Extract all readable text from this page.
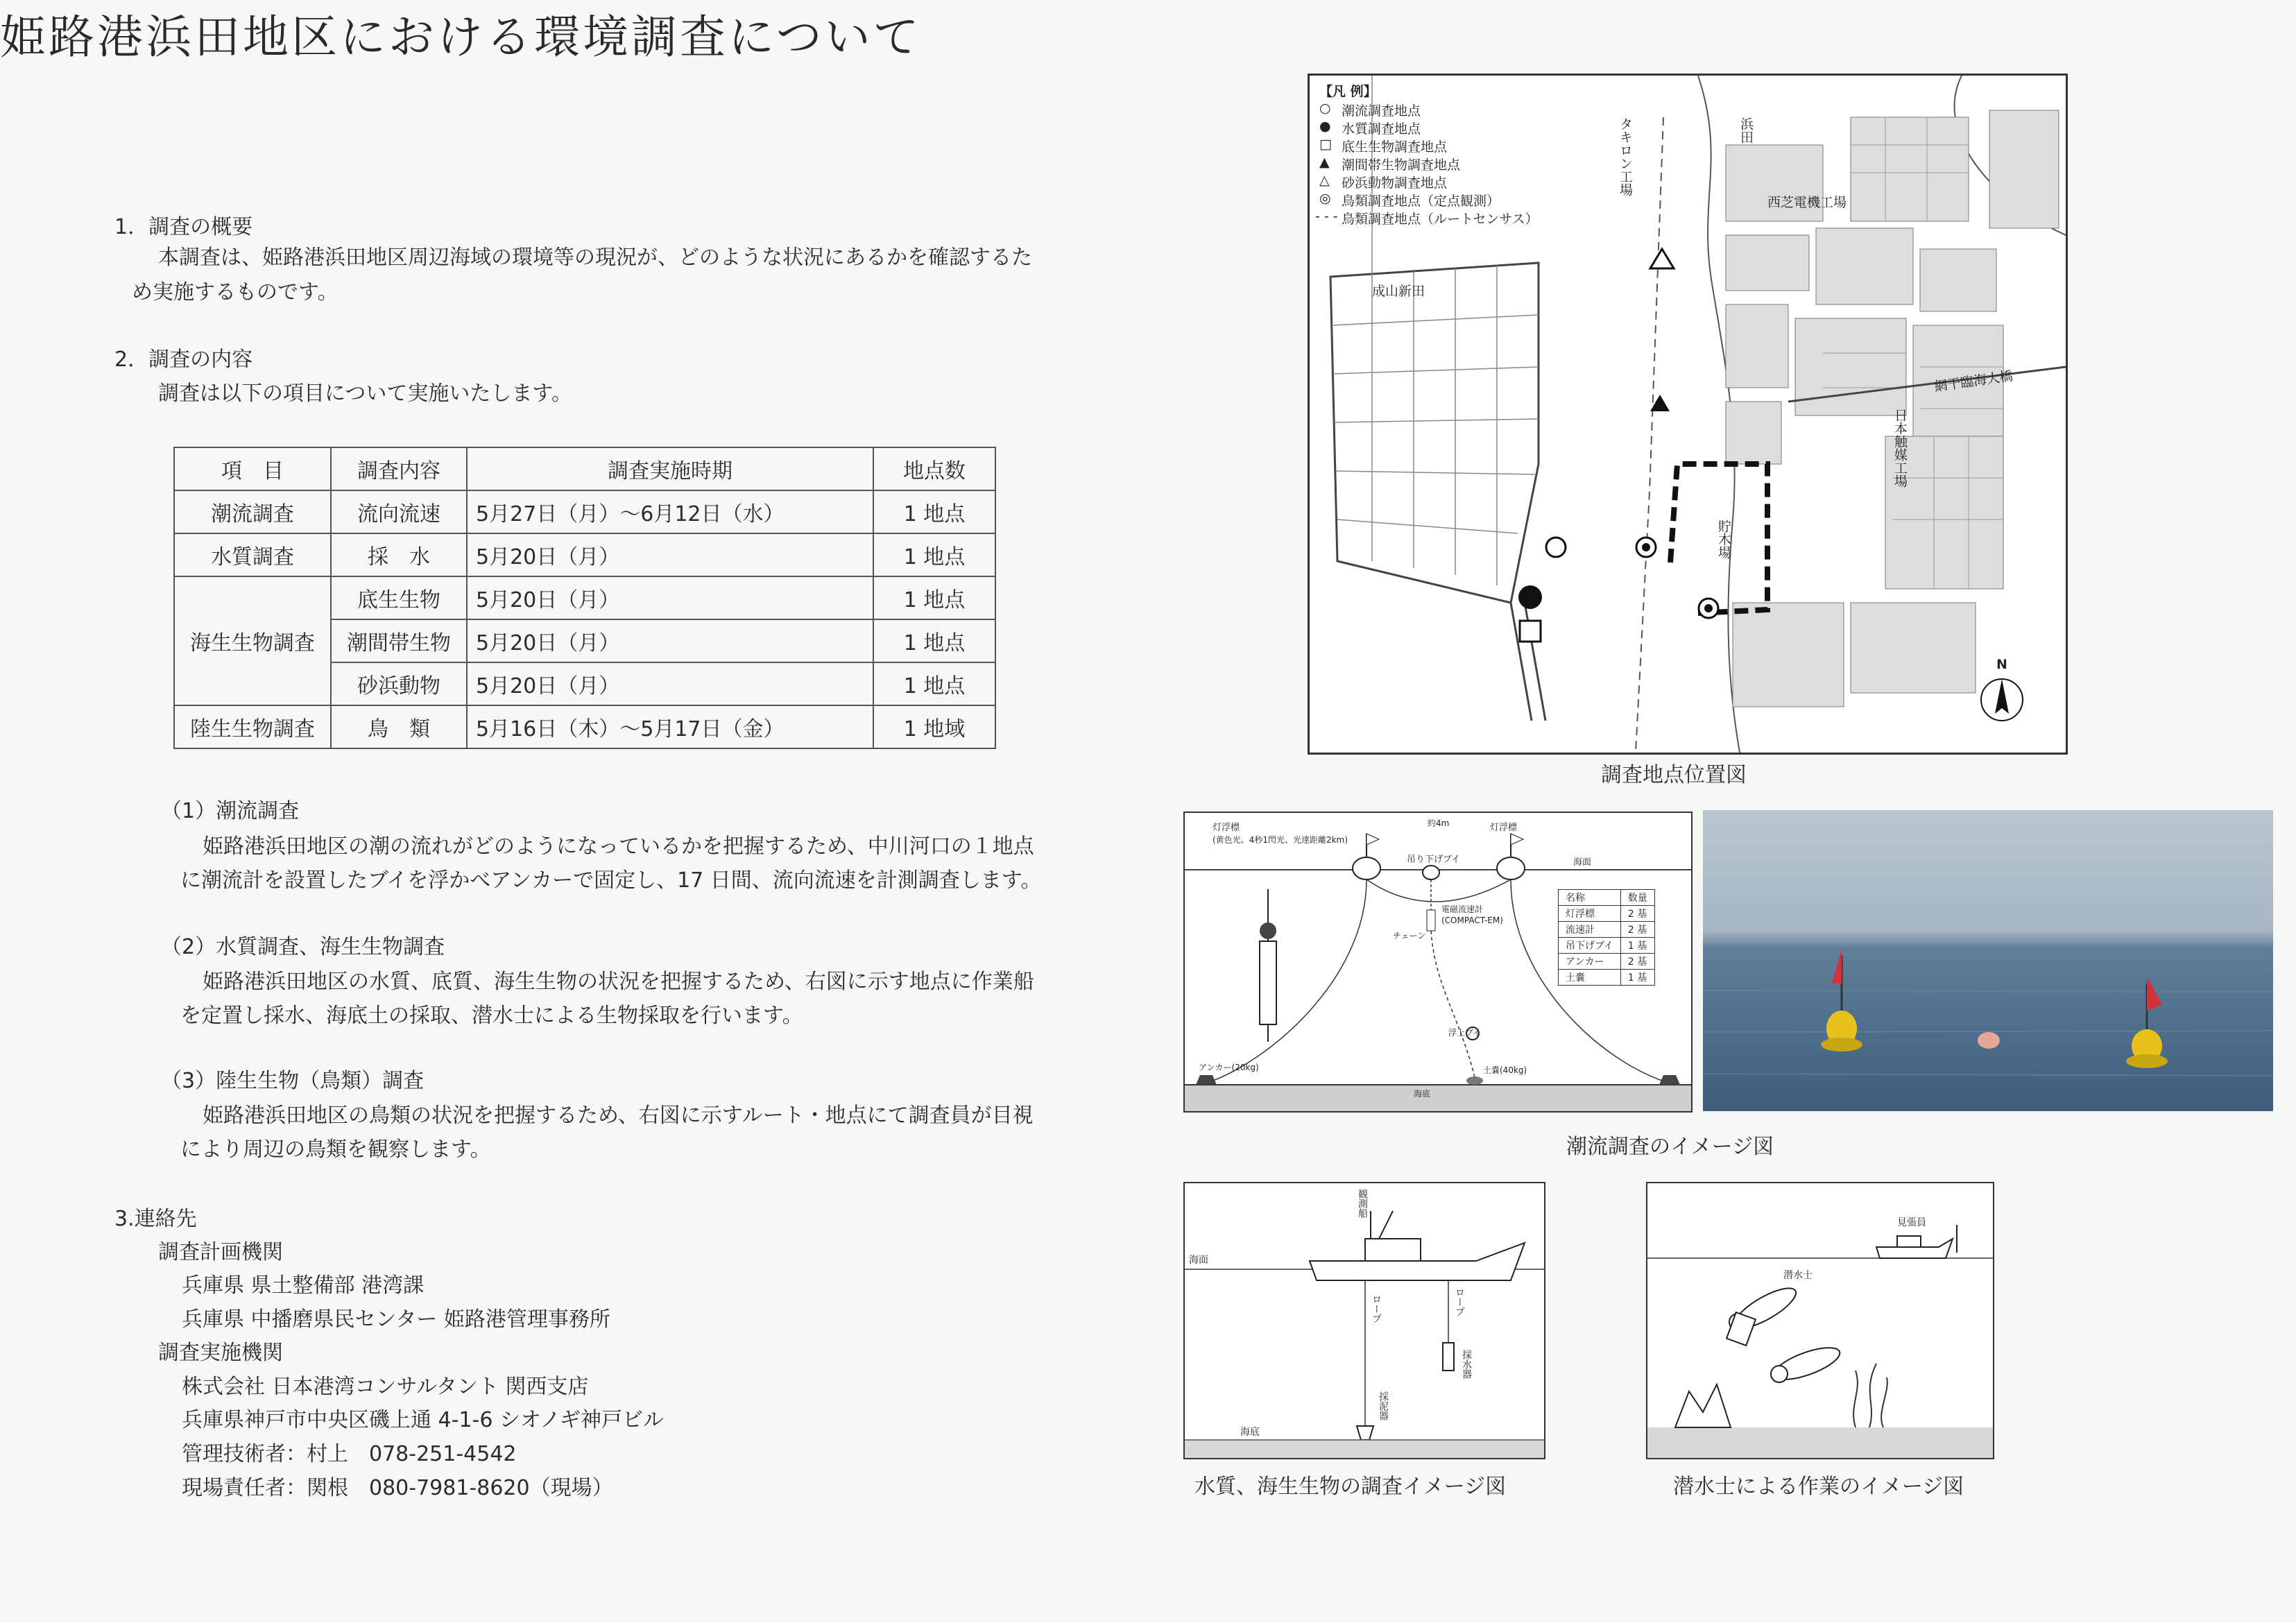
姫路港浜田地区における環境調査について
1．調査の概要
本調査は、姫路港浜田地区周辺海域の環境等の現況が、どのような状況にあるかを確認するた
め実施するものです。
2．調査の内容
調査は以下の項目について実施いたします。
項　目	調査内容	調査実施時期	地点数
潮流調査	流向流速	5月27日（月）～6月12日（水）	1 地点
水質調査	採　水	5月20日（月）	1 地点
海生生物調査	底生生物	5月20日（月）	1 地点
	潮間帯生物	5月20日（月）	1 地点
	砂浜動物	5月20日（月）	1 地点
陸生生物調査	鳥　類	5月16日（木）～5月17日（金）	1 地域
（1）潮流調査
姫路港浜田地区の潮の流れがどのようになっているかを把握するため、中川河口の１地点
に潮流計を設置したブイを浮かべアンカーで固定し、17 日間、流向流速を計測調査します。
（2）水質調査、海生生物調査
姫路港浜田地区の水質、底質、海生生物の状況を把握するため、右図に示す地点に作業船
を定置し採水、海底土の採取、潜水士による生物採取を行います。
（3）陸生生物（鳥類）調査
姫路港浜田地区の鳥類の状況を把握するため、右図に示すルート・地点にて調査員が目視
により周辺の鳥類を観察します。
3.連絡先
調査計画機関
兵庫県 県土整備部 港湾課
兵庫県 中播磨県民センター 姫路港管理事務所
調査実施機関
株式会社 日本港湾コンサルタント 関西支店
兵庫県神戸市中央区磯上通 4-1-6 シオノギ神戸ビル
管理技術者：村上　078-251-4542
現場責任者：関根　080-7981-8620（現場）
【凡 例】
○ 潮流調査地点
● 水質調査地点
□ 底生生物調査地点
▲ 潮間帯生物調査地点
△ 砂浜動物調査地点
◎ 鳥類調査地点（定点観測）
- - - 鳥類調査地点（ルートセンサス）
タキロン工場	浜田
西芝電機工場
成山新田
網干臨海大橋
日本触媒工場
貯木場
N
調査地点位置図
灯浮標
(黄色光、4秒1閃光、光達距離2km)
約4m	灯浮標
吊り下げブイ	海面
電磁流速計
(COMPACT-EM)
チェーン
浮上ブイ
アンカー(20kg)	土嚢(40kg)
海底
名称	数量
灯浮標	2 基
流速計	2 基
吊下げブイ	1 基
アンカー	2 基
土嚢	1 基
潮流調査のイメージ図
海面
観測船
ロープ	ロープ
採水器
採泥器
海底
水質、海生生物の調査イメージ図
見張員
潜水士
潜水士による作業のイメージ図
